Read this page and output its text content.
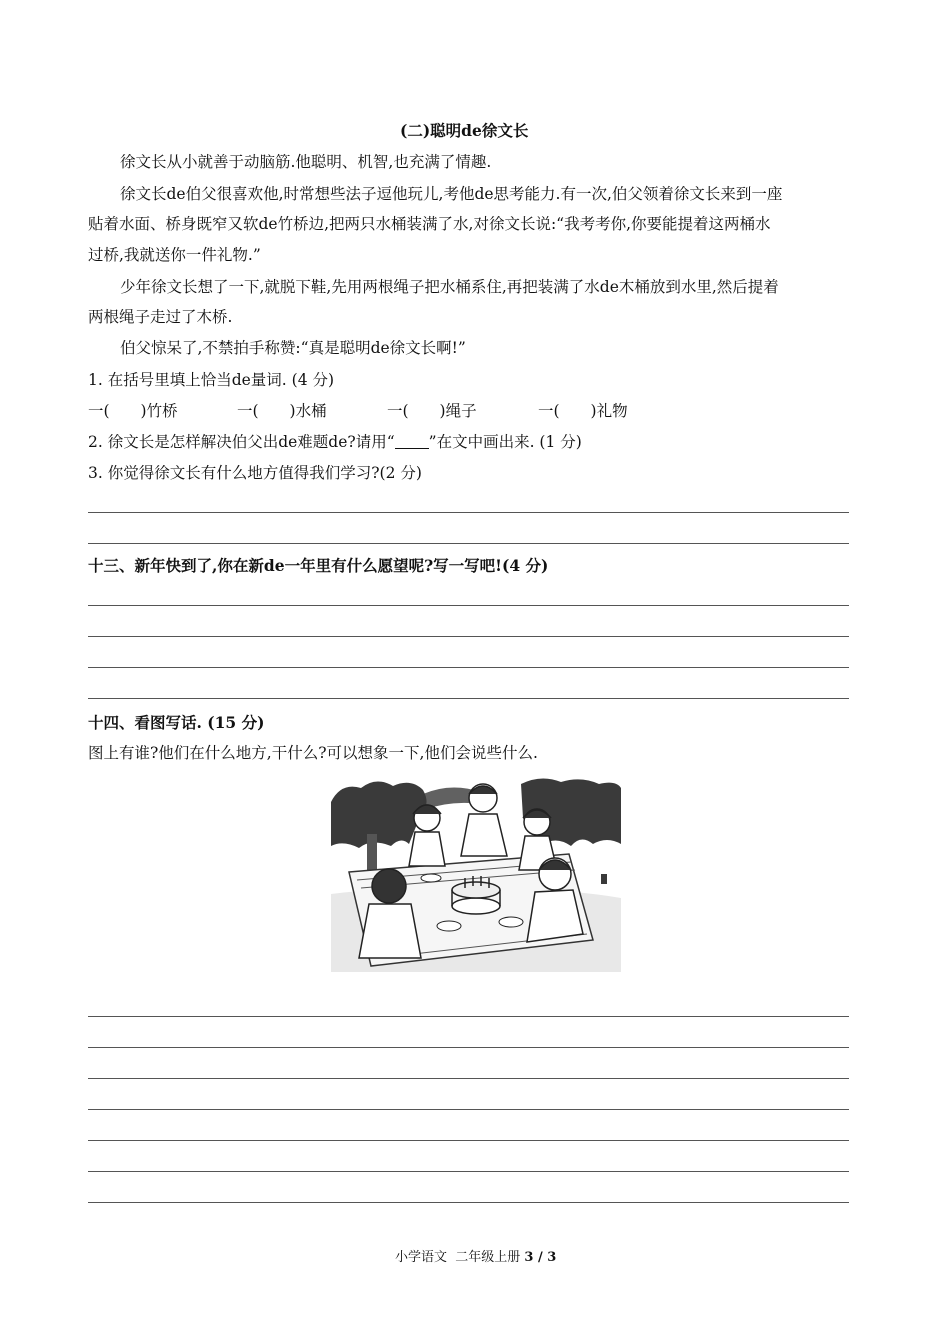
(二)聪明de徐文长
徐文长从小就善于动脑筋.他聪明、机智,也充满了情趣.
徐文长de伯父很喜欢他,时常想些法子逗他玩儿,考他de思考能力.有一次,伯父领着徐文长来到一座
贴着水面、桥身既窄又软de竹桥边,把两只水桶装满了水,对徐文长说:“我考考你,你要能提着这两桶水
过桥,我就送你一件礼物.”
少年徐文长想了一下,就脱下鞋,先用两根绳子把水桶系住,再把装满了水de木桶放到水里,然后提着
两根绳子走过了木桥.
伯父惊呆了,不禁拍手称赞:“真是聪明de徐文长啊!”
1. 在括号里填上恰当de量词. (4 分)
一(　　)竹桥	一(　　)水桶	一(　　)绳子	一(　　)礼物
2. 徐文长是怎样解决伯父出de难题de?请用“ ”在文中画出来. (1 分)
3. 你觉得徐文长有什么地方值得我们学习?(2 分)
十三、新年快到了,你在新de一年里有什么愿望呢?写一写吧!(4 分)
十四、看图写话. (15 分)
图上有谁?他们在什么地方,干什么?可以想象一下,他们会说些什么.
小学语文  二年级上册 3 / 3
